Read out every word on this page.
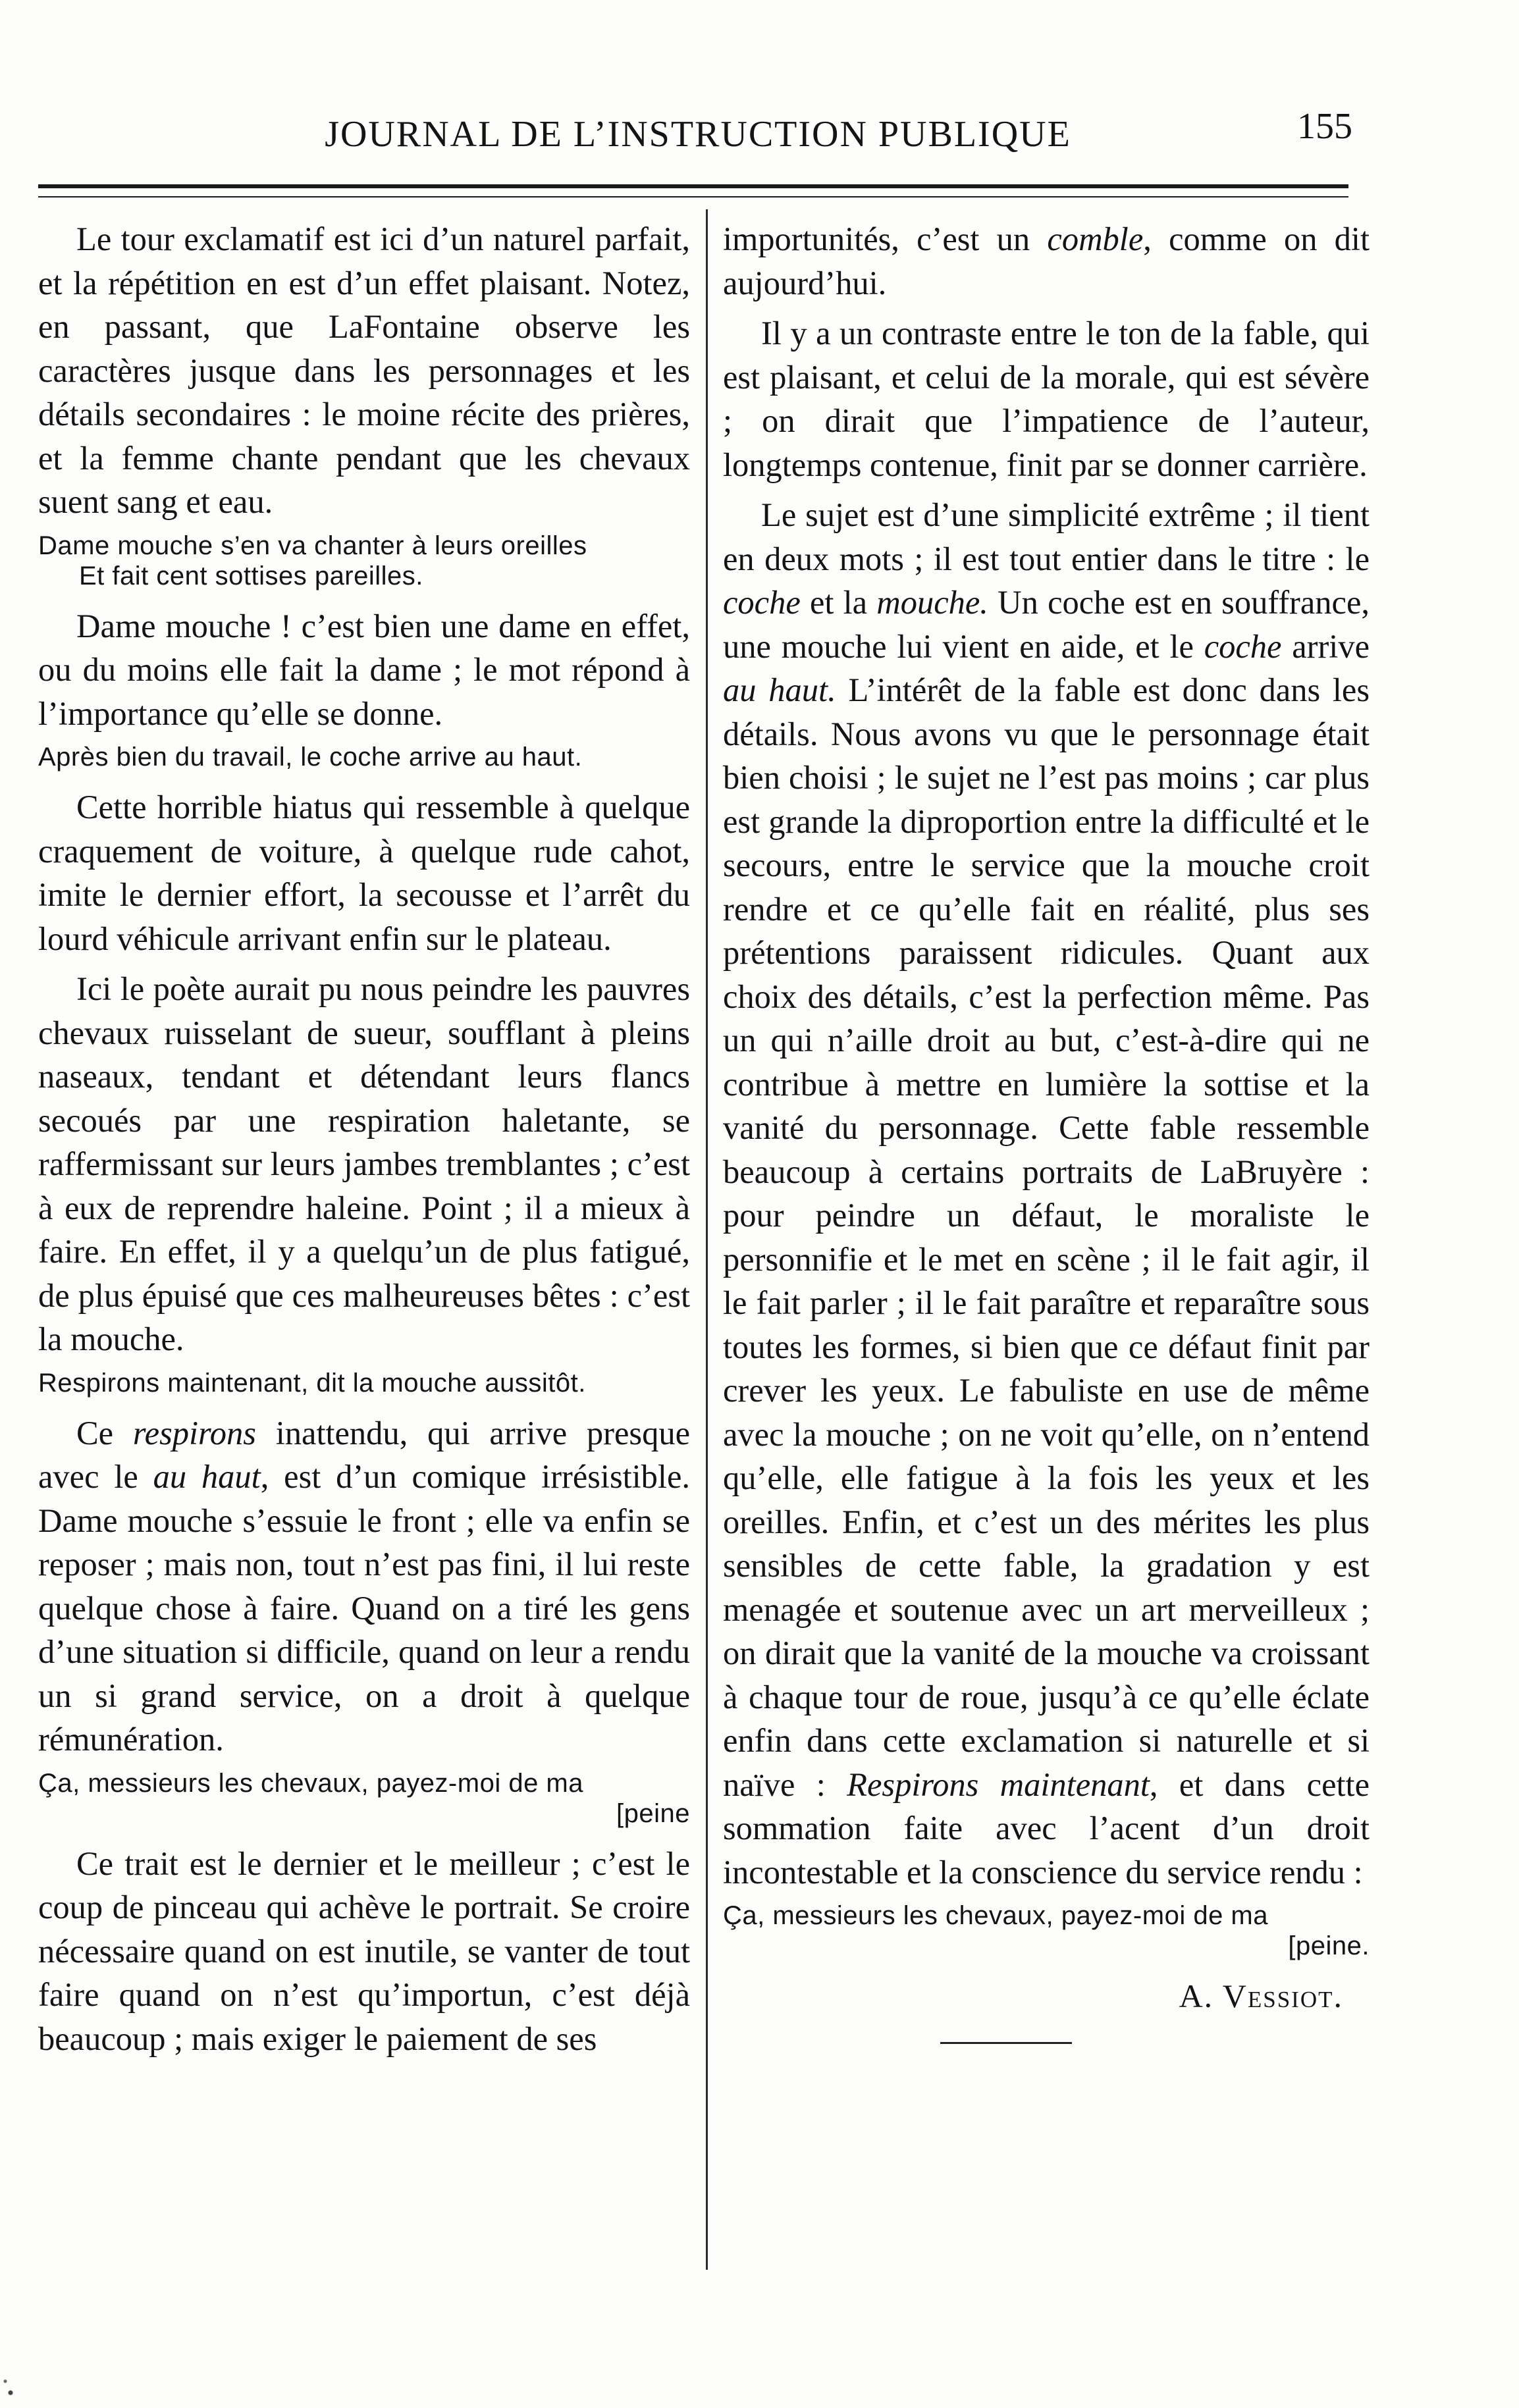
JOURNAL DE L’INSTRUCTION PUBLIQUE	155

Le tour exclamatif est ici d’un naturel parfait, et la répétition en est d’un effet plaisant. Notez, en passant, que LaFontaine observe les caractères jusque dans les personnages et les détails secondaires : le moine récite des prières, et la femme chante pendant que les chevaux suent sang et eau.

Dame mouche s’en va chanter à leurs oreilles
Et fait cent sottises pareilles.

Dame mouche ! c’est bien une dame en effet, ou du moins elle fait la dame ; le mot répond à l’importance qu’elle se donne.

Après bien du travail, le coche arrive au haut.

Cette horrible hiatus qui ressemble à quelque craquement de voiture, à quelque rude cahot, imite le dernier effort, la secousse et l’arrêt du lourd véhicule arrivant enfin sur le plateau.

Ici le poète aurait pu nous peindre les pauvres chevaux ruisselant de sueur, soufflant à pleins naseaux, tendant et détendant leurs flancs secoués par une respiration haletante, se raffermissant sur leurs jambes tremblantes ; c’est à eux de reprendre haleine. Point ; il a mieux à faire. En effet, il y a quelqu’un de plus fatigué, de plus épuisé que ces malheureuses bêtes : c’est la mouche.

Respirons maintenant, dit la mouche aussitôt.

Ce respirons inattendu, qui arrive presque avec le au haut, est d’un comique irrésistible. Dame mouche s’essuie le front ; elle va enfin se reposer ; mais non, tout n’est pas fini, il lui reste quelque chose à faire. Quand on a tiré les gens d’une situation si difficile, quand on leur a rendu un si grand service, on a droit à quelque rémunération.

Ça, messieurs les chevaux, payez-moi de ma
[peine

Ce trait est le dernier et le meilleur ; c’est le coup de pinceau qui achève le portrait. Se croire nécessaire quand on est inutile, se vanter de tout faire quand on n’est qu’importun, c’est déjà beaucoup ; mais exiger le paiement de ses

importunités, c’est un comble, comme on dit aujourd’hui.

Il y a un contraste entre le ton de la fable, qui est plaisant, et celui de la morale, qui est sévère ; on dirait que l’impatience de l’auteur, longtemps contenue, finit par se donner carrière.

Le sujet est d’une simplicité extrême ; il tient en deux mots ; il est tout entier dans le titre : le coche et la mouche. Un coche est en souffrance, une mouche lui vient en aide, et le coche arrive au haut. L’intérêt de la fable est donc dans les détails. Nous avons vu que le personnage était bien choisi ; le sujet ne l’est pas moins ; car plus est grande la diproportion entre la difficulté et le secours, entre le service que la mouche croit rendre et ce qu’elle fait en réalité, plus ses prétentions paraissent ridicules. Quant aux choix des détails, c’est la perfection même. Pas un qui n’aille droit au but, c’est-à-dire qui ne contribue à mettre en lumière la sottise et la vanité du personnage. Cette fable ressemble beaucoup à certains portraits de LaBruyère : pour peindre un défaut, le moraliste le personnifie et le met en scène ; il le fait agir, il le fait parler ; il le fait paraître et reparaître sous toutes les formes, si bien que ce défaut finit par crever les yeux. Le fabuliste en use de même avec la mouche ; on ne voit qu’elle, on n’entend qu’elle, elle fatigue à la fois les yeux et les oreilles. Enfin, et c’est un des mérites les plus sensibles de cette fable, la gradation y est menagée et soutenue avec un art merveilleux ; on dirait que la vanité de la mouche va croissant à chaque tour de roue, jusqu’à ce qu’elle éclate enfin dans cette exclamation si naturelle et si naïve : Respirons maintenant, et dans cette sommation faite avec l’acent d’un droit incontestable et la conscience du service rendu :

Ça, messieurs les chevaux, payez-moi de ma
[peine.
A. Vessiot.
